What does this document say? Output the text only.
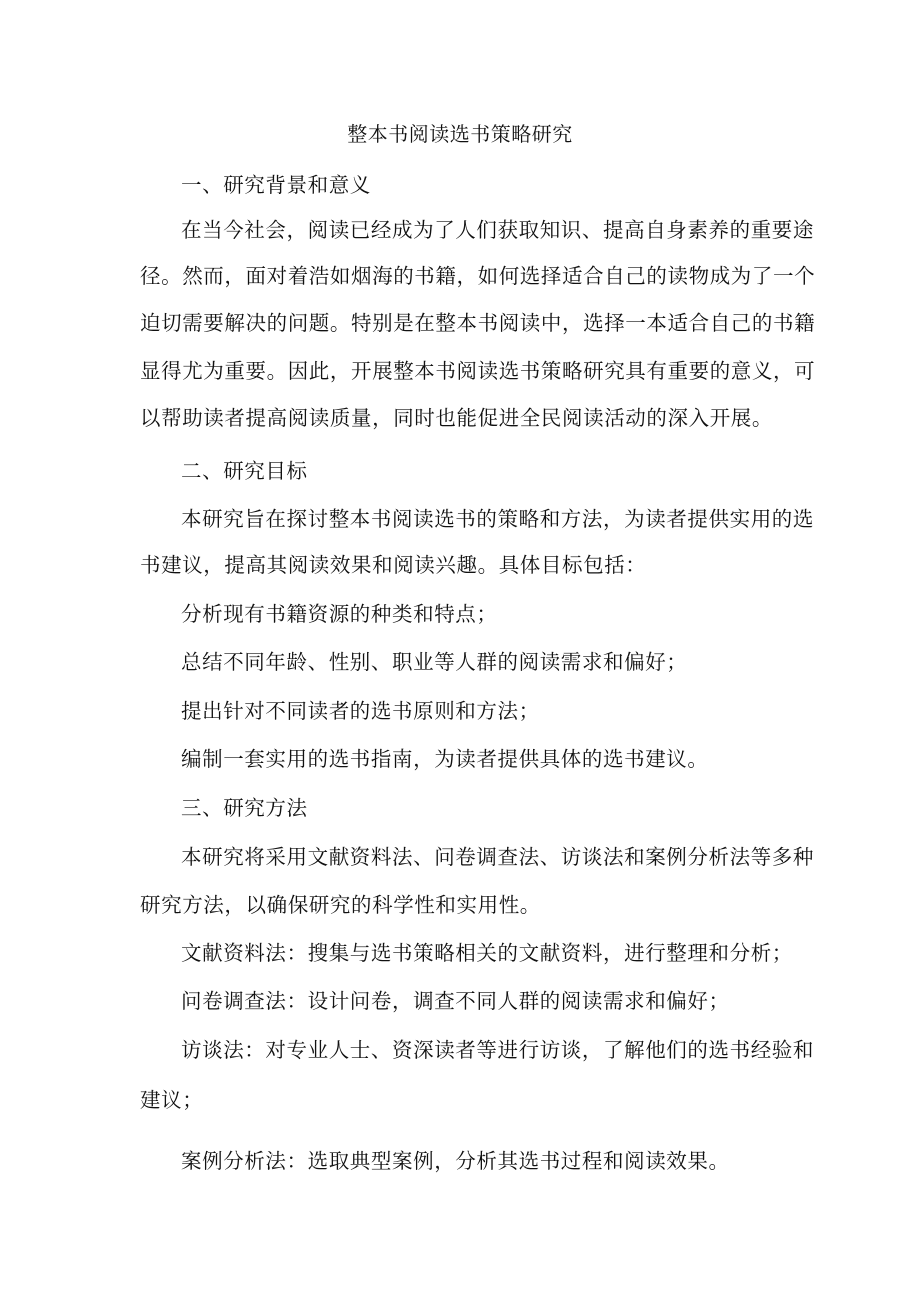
整本书阅读选书策略研究
一、研究背景和意义
在当今社会，阅读已经成为了人们获取知识、提高自身素养的重要途
径。然而，面对着浩如烟海的书籍，如何选择适合自己的读物成为了一个
迫切需要解决的问题。特别是在整本书阅读中，选择一本适合自己的书籍
显得尤为重要。因此，开展整本书阅读选书策略研究具有重要的意义，可
以帮助读者提高阅读质量，同时也能促进全民阅读活动的深入开展。
二、研究目标
本研究旨在探讨整本书阅读选书的策略和方法，为读者提供实用的选
书建议，提高其阅读效果和阅读兴趣。具体目标包括：
分析现有书籍资源的种类和特点；
总结不同年龄、性别、职业等人群的阅读需求和偏好；
提出针对不同读者的选书原则和方法；
编制一套实用的选书指南，为读者提供具体的选书建议。
三、研究方法
本研究将采用文献资料法、问卷调查法、访谈法和案例分析法等多种
研究方法，以确保研究的科学性和实用性。
文献资料法：搜集与选书策略相关的文献资料，进行整理和分析；
问卷调查法：设计问卷，调查不同人群的阅读需求和偏好；
访谈法：对专业人士、资深读者等进行访谈，了解他们的选书经验和
建议；
案例分析法：选取典型案例，分析其选书过程和阅读效果。
